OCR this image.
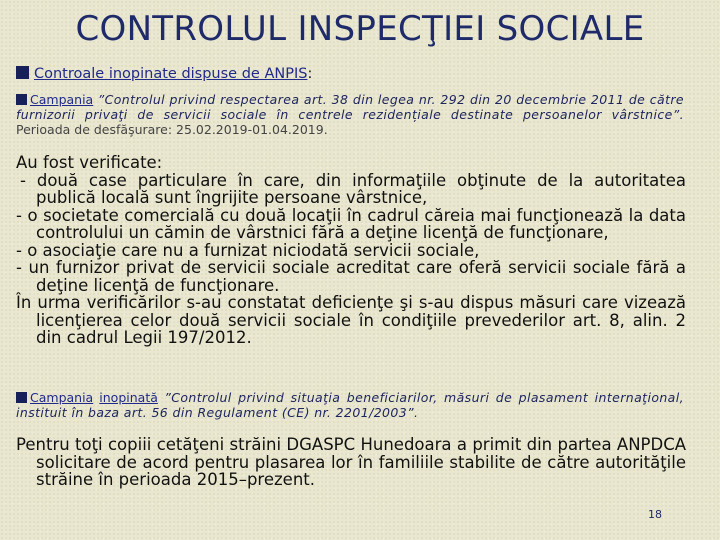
CONTROLUL INSPECŢIEI SOCIALE
Controale inopinate dispuse de ANPIS:
Campania ”Controlul privind respectarea art. 38 din legea nr. 292 din 20 decembrie 2011 de către furnizorii privaţi de servicii sociale în centrele rezidențiale destinate persoanelor vârstnice”. Perioada de desfăşurare: 25.02.2019-01.04.2019.

Au fost verificate:

- două case particulare în care, din informaţiile obţinute de la autoritatea publică locală sunt îngrijite persoane vârstnice,

- o societate comercială cu două locaţii în cadrul căreia mai funcţionează la data controlului un cămin de vârstnici fără a deţine licenţă de funcţionare,

- o asociaţie care nu a furnizat niciodată servicii sociale,

- un furnizor privat de servicii sociale acreditat care oferă servicii sociale fără a deţine licenţă de funcţionare.

În urma verificărilor s-au constatat deficienţe şi s-au dispus măsuri care vizează licenţierea celor două servicii sociale în condiţiile prevederilor art. 8, alin. 2 din cadrul Legii 197/2012.

Campania inopinată ”Controlul privind situaţia beneficiarilor, măsuri de plasament internaţional, instituit în baza art. 56 din Regulament (CE) nr. 2201/2003”.

Pentru toţi copiii cetăţeni străini DGASPC Hunedoara a primit din partea ANPDCA solicitare de acord pentru plasarea lor în familiile stabilite de către autorităţile străine în perioada 2015–prezent.

18
